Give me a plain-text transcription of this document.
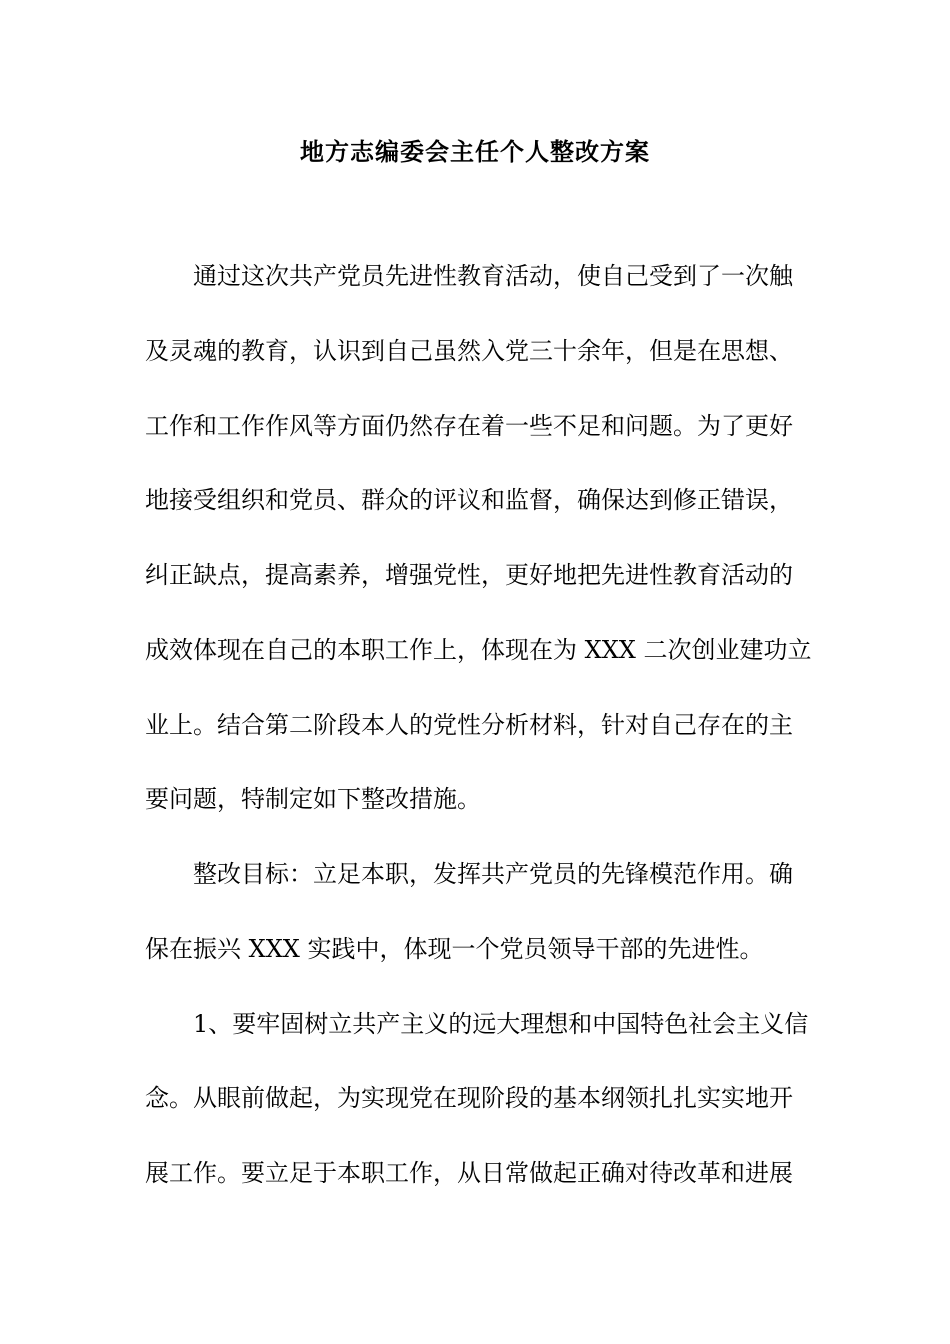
地方志编委会主任个人整改方案
通过这次共产党员先进性教育活动，使自己受到了一次触
及灵魂的教育，认识到自己虽然入党三十余年，但是在思想、
工作和工作作风等方面仍然存在着一些不足和问题。为了更好
地接受组织和党员、群众的评议和监督，确保达到修正错误，
纠正缺点，提高素养，增强党性，更好地把先进性教育活动的
成效体现在自己的本职工作上，体现在为 XXX 二次创业建功立
业上。结合第二阶段本人的党性分析材料，针对自己存在的主
要问题，特制定如下整改措施。
整改目标：立足本职，发挥共产党员的先锋模范作用。确
保在振兴 XXX 实践中，体现一个党员领导干部的先进性。
1、要牢固树立共产主义的远大理想和中国特色社会主义信
念。从眼前做起，为实现党在现阶段的基本纲领扎扎实实地开
展工作。要立足于本职工作，从日常做起正确对待改革和进展
